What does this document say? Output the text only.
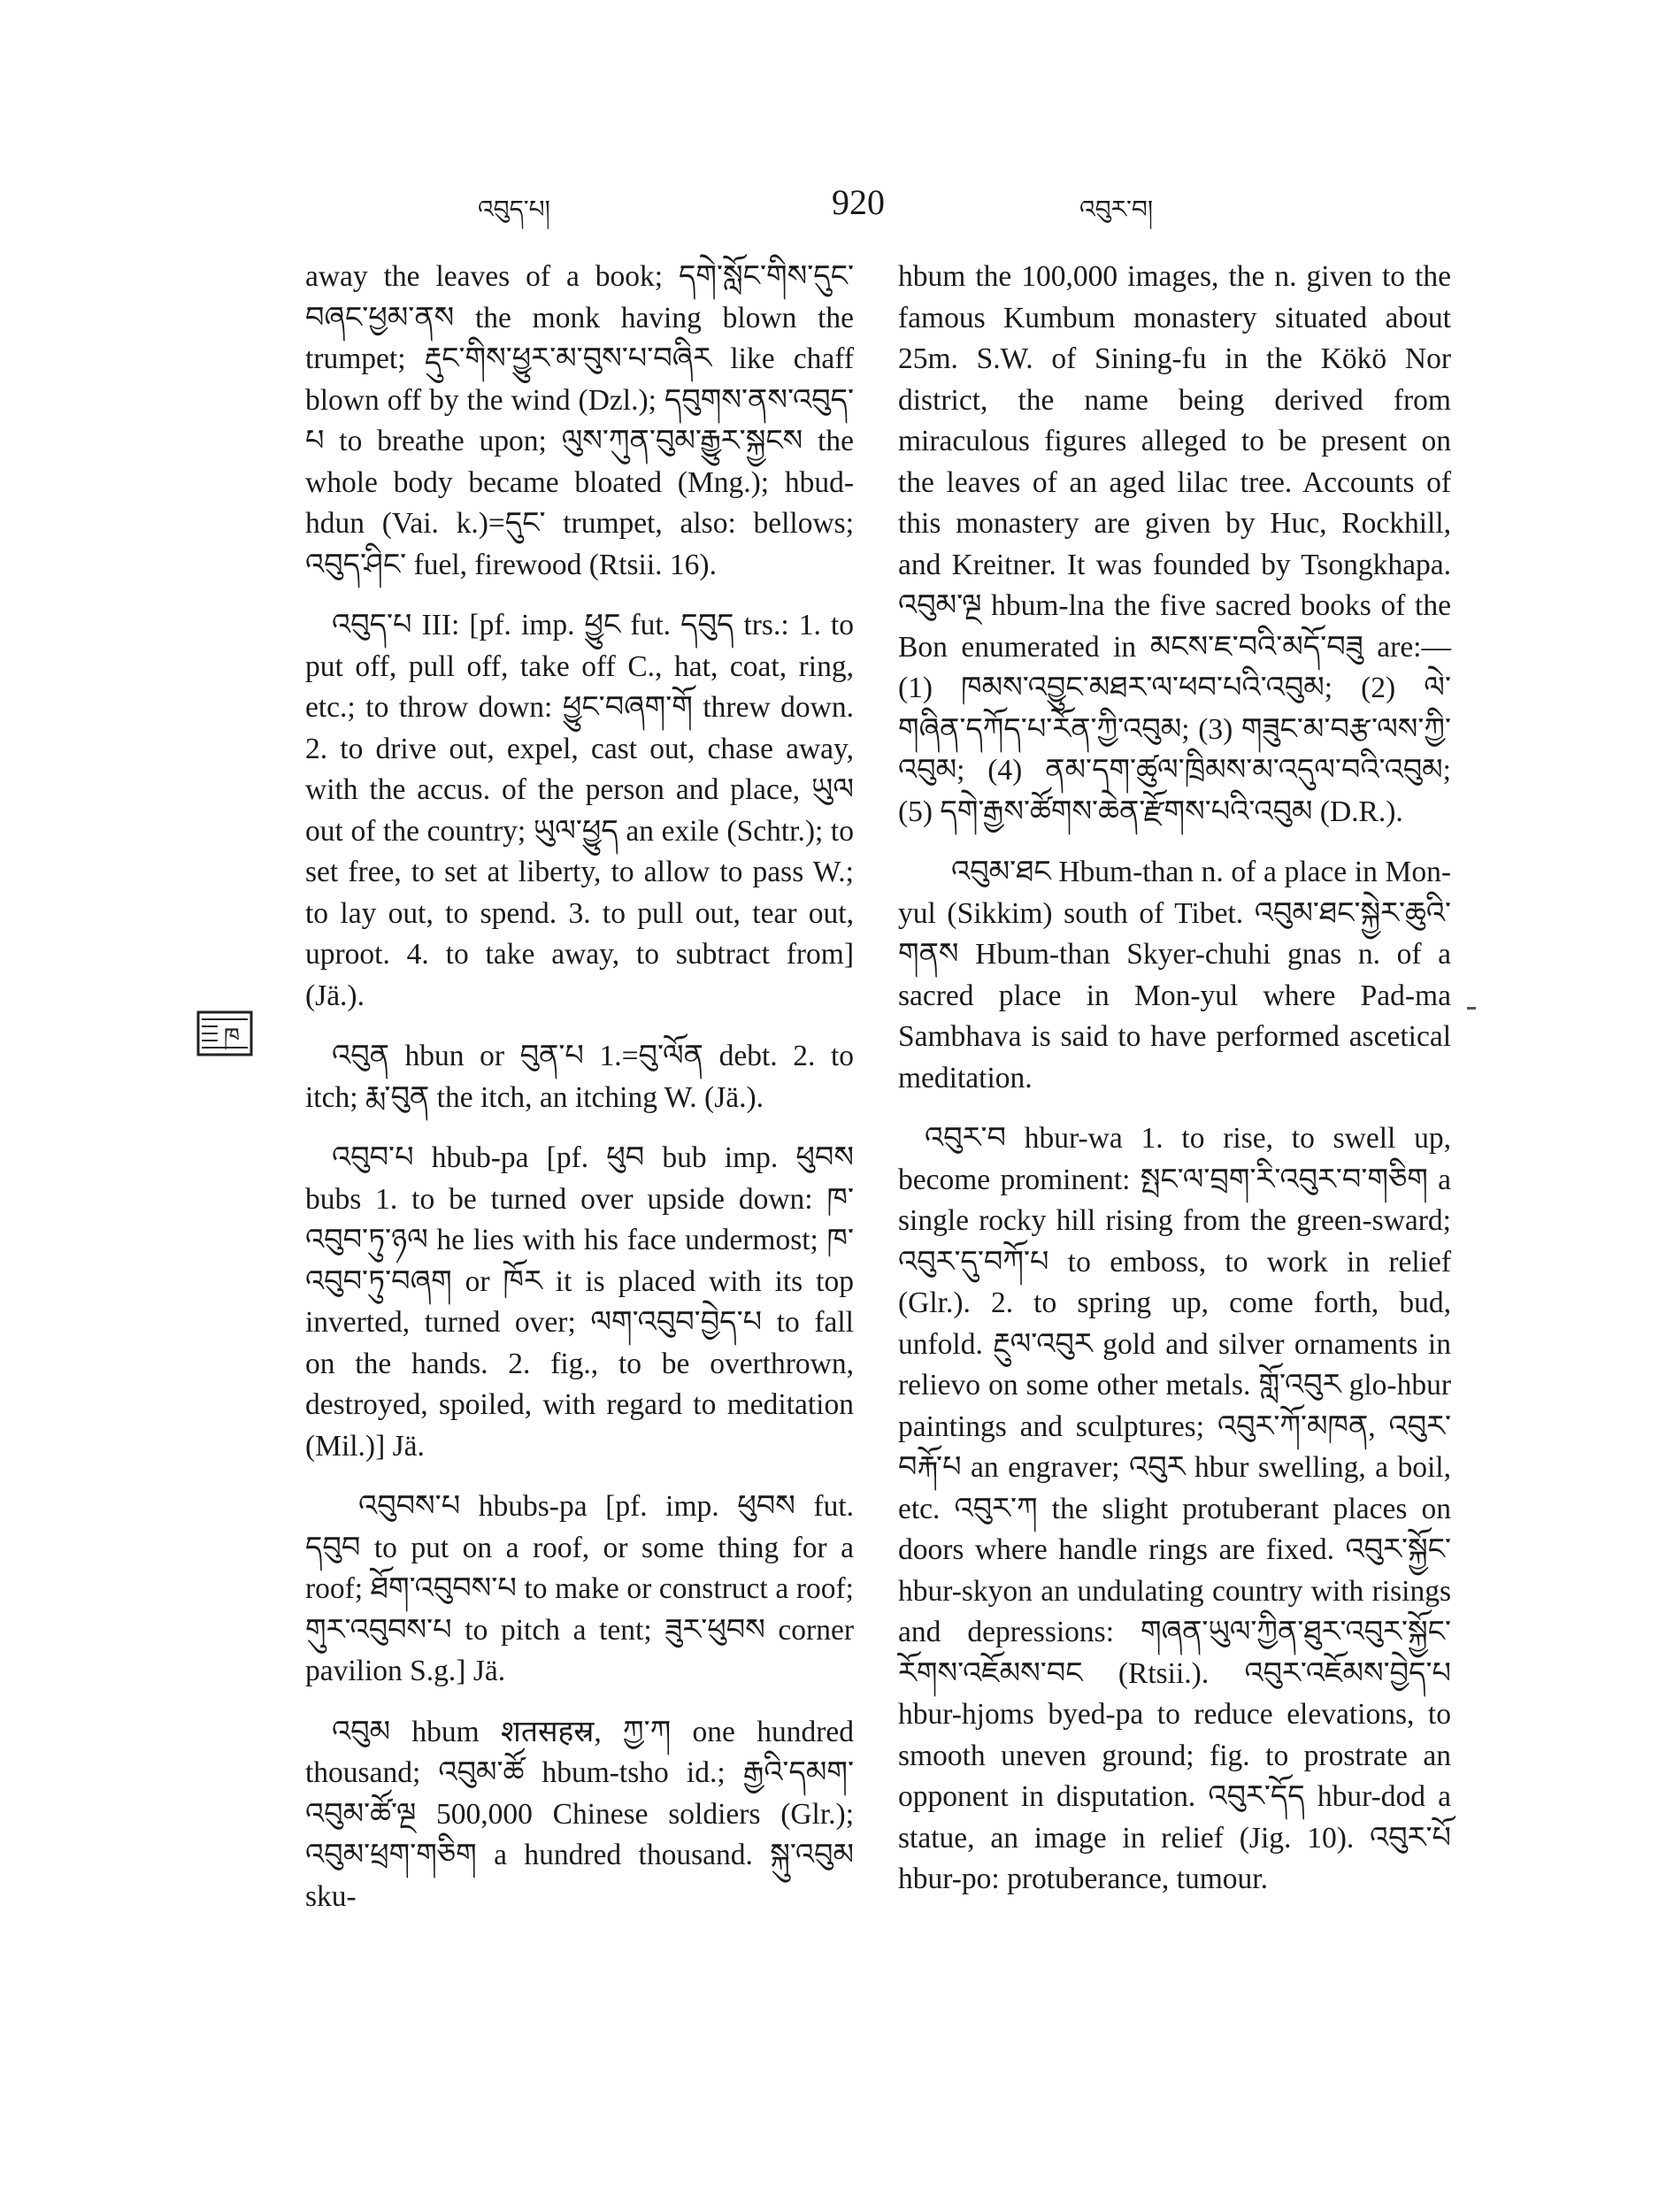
འབུད་པ།	920	འབུར་བ།

away the leaves of a book; དགེ་སློང་གིས་དུང་བཞང་ཕྱམ་ནས the monk having blown the trumpet; རྡུང་གིས་ཕྱུར་མ་བུས་པ་བཞིར like chaff blown off by the wind (Dzl.); དབུགས་ནས་འབུད་པ to breathe upon; ལུས་ཀུན་བུམ་རྒྱུར་སྐྱངས the whole body became bloated (Mng.); hbud-hdun (Vai. k.)=དུང་ trumpet, also: bellows; འབུད་ཤིང་ fuel, firewood (Rtsii. 16).

འབུད་པ III: [pf. imp. ཕྱུང fut. དབུད trs.: 1. to put off, pull off, take off C., hat, coat, ring, etc.; to throw down: ཕྱུང་བཞག་གོ threw down. 2. to drive out, expel, cast out, chase away, with the accus. of the person and place, ཡུལ out of the country; ཡུལ་ཕྱུད an exile (Schtr.); to set free, to set at liberty, to allow to pass W.; to lay out, to spend. 3. to pull out, tear out, uproot. 4. to take away, to subtract from] (Jä.).

འབུན hbun or བུན་པ 1.=བུ་ལོན debt. 2. to itch; རྨ་བུན the itch, an itching W. (Jä.).

འབུབ་པ hbub-pa [pf. ཕུབ bub imp. ཕུབས bubs 1. to be turned over upside down: ཁ་འབུབ་ཏུ་ཉལ he lies with his face undermost; ཁ་འབུབ་ཏུ་བཞག or ཁོར it is placed with its top inverted, turned over; ལག་འབུབ་བྱེད་པ to fall on the hands. 2. fig., to be overthrown, destroyed, spoiled, with regard to meditation (Mil.)] Jä.

འབུབས་པ hbubs-pa [pf. imp. ཕུབས fut. དབུབ to put on a roof, or some thing for a roof; ཐོག་འབུབས་པ to make or construct a roof; གུར་འབུབས་པ to pitch a tent; ཟུར་ཕུབས corner pavilion S.g.] Jä.

འབུམ hbum शतसहस्र, ཀྱ་ཀ one hundred thousand; འབུམ་ཚོ hbum-tsho id.; རྒྱའི་དམག་འབུམ་ཚོ་ལྔ 500,000 Chinese soldiers (Glr.); འབུམ་ཕྲག་གཅིག a hundred thousand. སྐུ་འབུམ sku-

hbum the 100,000 images, the n. given to the famous Kumbum monastery situated about 25m. S.W. of Sining-fu in the Kökö Nor district, the name being derived from miraculous figures alleged to be present on the leaves of an aged lilac tree. Accounts of this monastery are given by Huc, Rockhill, and Kreitner. It was founded by Tsongkhapa. འབུམ་ལྔ hbum-lna the five sacred books of the Bon enumerated in མངས་ཇ་བའི་མདོ་བཟུ are:—(1) ཁམས་འབྱུང་མཐར་ལ་ཕབ་པའི་འབུམ; (2) ལེ་གཞིན་དཀོད་པ་རོན་ཀྱི་འབུམ; (3) གཟུང་མ་བརྩ་ལས་ཀྱི་འབུམ; (4) ནམ་དག་ཚུལ་ཁྲིམས་མ་འདུལ་བའི་འབུམ; (5) དགེ་རྒྱས་ཚོགས་ཆེན་རྫོགས་པའི་འབུམ (D.R.).

འབུམ་ཐང Hbum-than n. of a place in Mon-yul (Sikkim) south of Tibet. འབུམ་ཐང་སྐྱེར་ཆུའི་གནས Hbum-than Skyer-chuhi gnas n. of a sacred place in Mon-yul where Pad-ma Sambhava is said to have performed ascetical meditation.

འབུར་བ hbur-wa 1. to rise, to swell up, become prominent: སྤང་ལ་བྲག་རི་འབུར་བ་གཅིག a single rocky hill rising from the green-sward; འབུར་དུ་བཀོ་པ to emboss, to work in relief (Glr.). 2. to spring up, come forth, bud, unfold. རྔུལ་འབུར gold and silver ornaments in relievo on some other metals. གློ་འབུར glo-hbur paintings and sculptures; འབུར་ཀོ་མཁན, འབུར་བརྐོ་པ an engraver; འབུར hbur swelling, a boil, etc. འབུར་ཀ the slight protuberant places on doors where handle rings are fixed. འབུར་སྐྱོང་ hbur-skyon an undulating country with risings and depressions: གཞན་ཡུལ་ཀྱིན་ཐུར་འབུར་སྐྱོང་རོགས་འཇོམས་བང (Rtsii.). འབུར་འཇོམས་བྱེད་པ hbur-hjoms byed-pa to reduce elevations, to smooth uneven ground; fig. to prostrate an opponent in disputation. འབུར་དོད hbur-dod a statue, an image in relief (Jig. 10). འབུར་པོ hbur-po: protuberance, tumour.

ཁ
